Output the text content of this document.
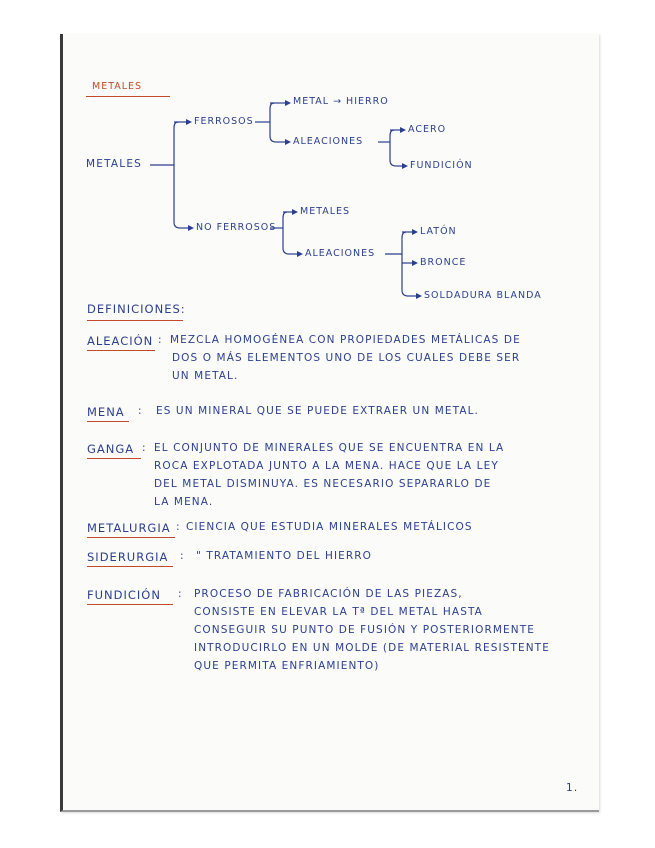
METALES
METALES
FERROSOS
METAL → HIERRO
ALEACIONES
ACERO
FUNDICIÓN
NO FERROSOS
METALES
ALEACIONES
LATÓN
BRONCE
SOLDADURA BLANDA
DEFINICIONES:
ALEACIÓN : MEZCLA HOMOGÉNEA CON PROPIEDADES METÁLICAS DE
DOS O MÁS ELEMENTOS UNO DE LOS CUALES DEBE SER
UN METAL.
MENA : ES UN MINERAL QUE SE PUEDE EXTRAER UN METAL.
GANGA : EL CONJUNTO DE MINERALES QUE SE ENCUENTRA EN LA
ROCA EXPLOTADA JUNTO A LA MENA. HACE QUE LA LEY
DEL METAL DISMINUYA. ES NECESARIO SEPARARLO DE
LA MENA.
METALURGIA : CIENCIA QUE ESTUDIA MINERALES METÁLICOS
SIDERURGIA : " TRATAMIENTO DEL HIERRO
FUNDICIÓN : PROCESO DE FABRICACIÓN DE LAS PIEZAS,
CONSISTE EN ELEVAR LA Tª DEL METAL HASTA
CONSEGUIR SU PUNTO DE FUSIÓN Y POSTERIORMENTE
INTRODUCIRLO EN UN MOLDE (DE MATERIAL RESISTENTE
QUE PERMITA ENFRIAMIENTO)
1.
